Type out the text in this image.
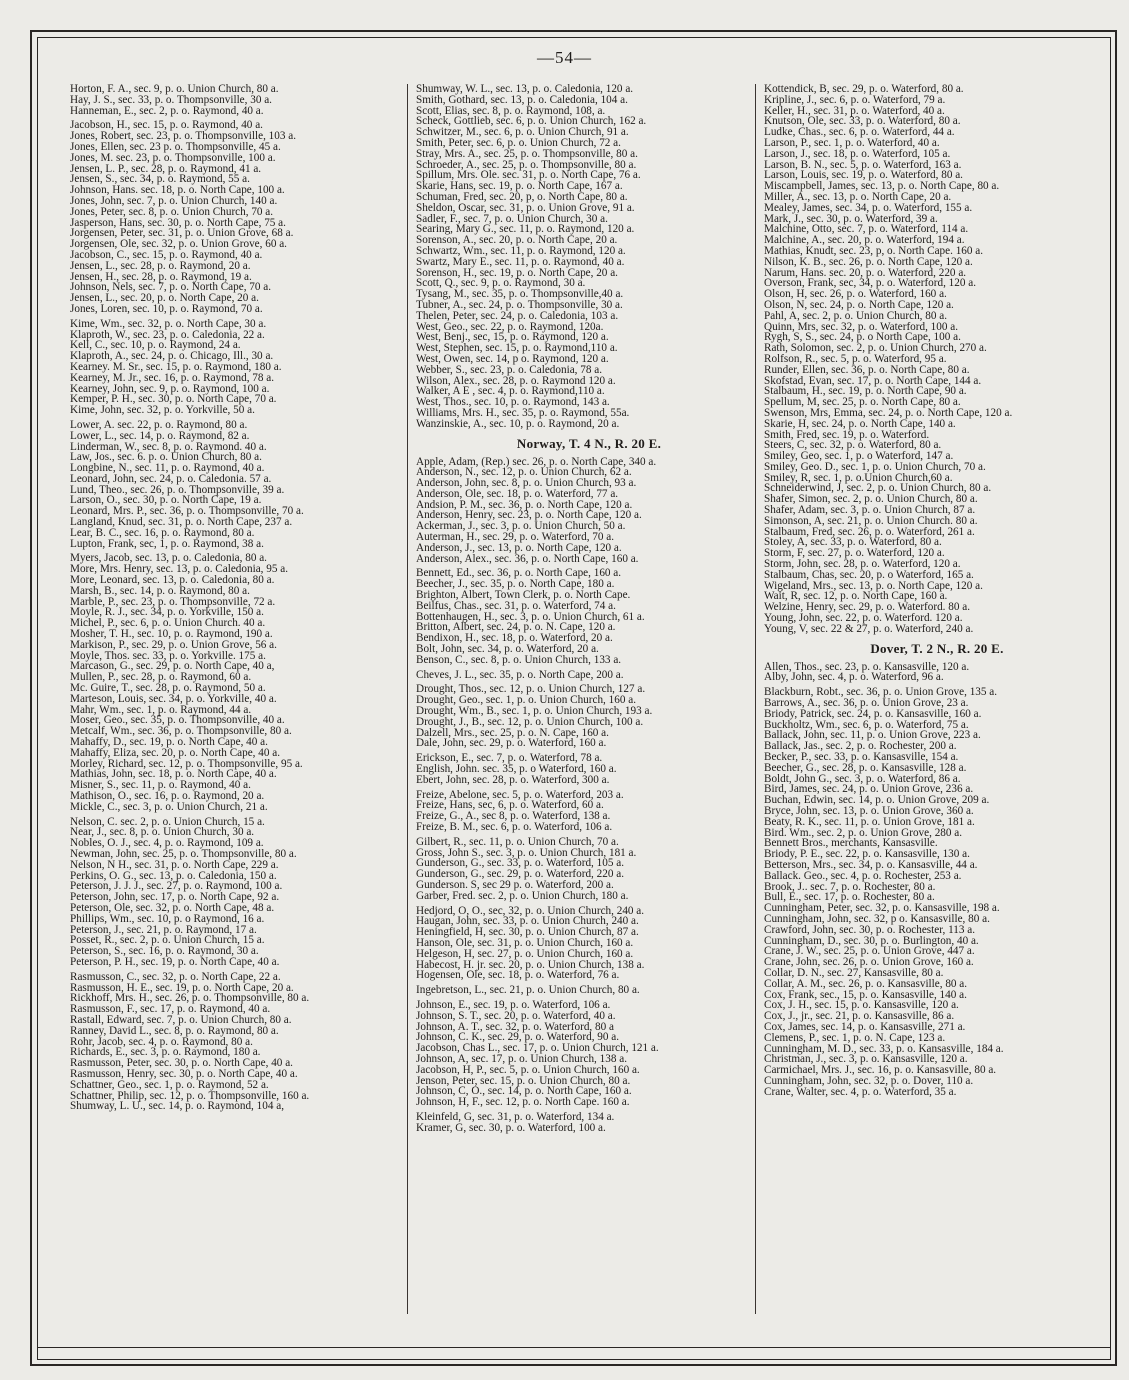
—54—
Horton, F. A., sec. 9, p. o. Union Church, 80 a.
Hay, J. S., sec. 33, p. o. Thompsonville, 30 a.
Hanneman, E., sec. 2, p. o. Raymond, 40 a.
Jacobson, H., sec. 15, p. o. Raymond, 40 a.
Jones, Robert, sec. 23, p. o. Thompsonville, 103 a.
Jones, Ellen, sec. 23 p. o. Thompsonville, 45 a.
Jones, M. sec. 23, p. o. Thompsonville, 100 a.
Jensen, L. P., sec. 28, p. o. Raymond, 41 a.
Jensen, S., sec. 34, p. o. Raymond, 55 a.
Johnson, Hans. sec. 18, p. o. North Cape, 100 a.
Jones, John, sec. 7, p. o. Union Church, 140 a.
Jones, Peter, sec. 8, p. o. Union Church, 70 a.
Jasperson, Hans, sec. 30, p. o. North Cape, 75 a.
Jorgensen, Peter, sec. 31, p. o. Union Grove, 68 a.
Jorgensen, Ole, sec. 32, p. o. Union Grove, 60 a.
Jacobson, C., sec. 15, p. o. Raymond, 40 a.
Jensen, L., sec. 28, p. o. Raymond, 20 a.
Jensen, H., sec. 28, p. o. Raymond, 19 a.
Johnson, Nels, sec. 7, p. o. North Cape, 70 a.
Jensen, L., sec. 20, p. o. North Cape, 20 a.
Jones, Loren, sec. 10, p. o. Raymond, 70 a.
Kime, Wm., sec. 32, p. o. North Cape, 30 a.
Klaproth, W., sec. 23, p. o. Caledonia, 22 a.
Kell, C., sec. 10, p. o. Raymond, 24 a.
Klaproth, A., sec. 24, p. o. Chicago, Ill., 30 a.
Kearney. M. Sr., sec. 15, p. o. Raymond, 180 a.
Kearney, M. Jr., sec. 16, p. o. Raymond, 78 a.
Kearney, John, sec. 9, p. o. Raymond, 100 a.
Kemper, P. H., sec. 30, p. o. North Cape, 70 a.
Kime, John, sec. 32, p. o. Yorkville, 50 a.
Lower, A. sec. 22, p. o. Raymond, 80 a.
Lower, L., sec. 14, p. o. Raymond, 82 a.
Linderman, W., sec. 8, p. o. Raymond. 40 a.
Law, Jos., sec. 6. p. o. Union Church, 80 a.
Longbine, N., sec. 11, p. o. Raymond, 40 a.
Leonard, John, sec. 24, p. o. Caledonia. 57 a.
Lund, Theo., sec. 26, p. o. Thompsonville, 39 a.
Larson, O., sec. 30, p. o. North Cape, 19 a.
Leonard, Mrs. P., sec. 36, p. o. Thompsonville, 70 a.
Langland, Knud, sec. 31, p. o. North Cape, 237 a.
Lear, B. C., sec. 16, p. o. Raymond, 80 a.
Lupton, Frank, sec, 1, p. o. Raymond, 38 a.
Myers, Jacob, sec. 13, p. o. Caledonia, 80 a.
More, Mrs. Henry, sec. 13, p. o. Caledonia, 95 a.
More, Leonard, sec. 13, p. o. Caledonia, 80 a.
Marsh, B., sec. 14, p. o. Raymond, 80 a.
Marble, P., sec. 23, p. o. Thompsonville, 72 a.
Moyle, R. J., sec. 34, p. o. Yorkville, 150 a.
Michel, P., sec. 6, p. o. Union Church. 40 a.
Mosher, T. H., sec. 10, p. o. Raymond, 190 a.
Markison, P., sec. 29, p. o. Union Grove, 56 a.
Moyle, Thos. sec. 33, p. o. Yorkville. 175 a.
Marcason, G., sec. 29, p. o. North Cape, 40 a,
Mullen, P., sec. 28, p. o. Raymond, 60 a.
Mc. Guire, T., sec. 28, p. o. Raymond, 50 a.
Marteson, Louis, sec. 34, p. o. Yorkville, 40 a.
Mahr, Wm., sec. 1, p. o. Raymond, 44 a.
Moser, Geo., sec. 35, p. o. Thompsonville, 40 a.
Metcalf, Wm., sec. 36, p. o. Thompsonville, 80 a.
Mahaffy, D., sec. 19, p. o. North Cape, 40 a.
Mahaffy, Eliza, sec. 20, p. o. North Cape, 40 a.
Morley, Richard, sec. 12, p. o. Thompsonville, 95 a.
Mathias, John, sec. 18, p. o. North Cape, 40 a.
Misner, S., sec. 11, p. o. Raymond, 40 a.
Mathison, O., sec. 16, p. o. Raymond, 20 a.
Mickle, C., sec. 3, p. o. Union Church, 21 a.
Nelson, C. sec. 2, p. o. Union Church, 15 a.
Near, J., sec. 8, p. o. Union Church, 30 a.
Nobles, O. J., sec. 4, p. o. Raymond, 109 a.
Newman, John, sec. 25, p. o. Thompsonville, 80 a.
Nelson, N H., sec. 31, p. o. North Cape, 229 a.
Perkins, O. G., sec. 13, p. o. Caledonia, 150 a.
Peterson, J. J. J., sec. 27, p. o. Raymond, 100 a.
Peterson, John, sec. 17, p. o. North Cape, 92 a.
Peterson, Ole, sec. 32, p. o. North Cape, 48 a.
Phillips, Wm., sec. 10, p. o Raymond, 16 a.
Peterson, J., sec. 21, p. o. Raymond, 17 a.
Posset, R., sec. 2, p. o. Union Church, 15 a.
Peterson, S., sec. 16, p. o. Raymond, 30 a.
Peterson, P. H., sec. 19, p. o. North Cape, 40 a.
Rasmusson, C., sec. 32, p. o. North Cape, 22 a.
Rasmusson, H. E., sec. 19, p. o. North Cape, 20 a.
Rickhoff, Mrs. H., sec. 26, p. o. Thompsonville, 80 a.
Rasmusson, F., sec. 17, p. o. Raymond, 40 a.
Rastall, Edward, sec. 7, p. o. Union Church, 80 a.
Ranney, David L., sec. 8, p. o. Raymond, 80 a.
Rohr, Jacob, sec. 4, p. o. Raymond, 80 a.
Richards, E., sec. 3, p. o. Raymond, 180 a.
Rasmusson, Peter, sec. 30, p. o. North Cape, 40 a.
Rasmusson, Henry, sec. 30, p. o. North Cape, 40 a.
Schattner, Geo., sec. 1, p. o. Raymond, 52 a.
Schattner, Philip, sec. 12, p. o. Thompsonville, 160 a.
Shumway, L. U., sec. 14, p. o. Raymond, 104 a,
Shumway, W. L., sec. 13, p. o. Caledonia, 120 a.
Smith, Gothard, sec. 13, p. o. Caledonia, 104 a.
Scott, Elias, sec. 8, p. o. Raymond, 108, a.
Scheck, Gottlieb, sec. 6, p. o. Union Church, 162 a.
Schwitzer, M., sec. 6, p. o. Union Church, 91 a.
Smith, Peter, sec. 6, p. o. Union Church, 72 a.
Stray, Mrs. A., sec. 25, p. o. Thompsonville, 80 a.
Schroeder, A., sec. 25, p. o. Thompsonville, 80 a.
Spillum, Mrs. Ole. sec. 31, p. o. North Cape, 76 a.
Skarie, Hans, sec. 19, p. o. North Cape, 167 a.
Schuman, Fred, sec. 20, p, o. North Cape, 80 a.
Sheldon, Oscar, sec. 31, p. o. Union Grove, 91 a.
Sadler, F., sec. 7, p. o. Union Church, 30 a.
Searing, Mary G., sec. 11, p. o. Raymond, 120 a.
Sorenson, A., sec. 20, p. o. North Cape, 20 a.
Schwartz, Wm., sec. 11, p. o. Raymond, 120 a.
Swartz, Mary E., sec. 11, p. o. Raymond, 40 a.
Sorenson, H., sec. 19, p. o. North Cape, 20 a.
Scott, Q., sec. 9, p. o. Raymond, 30 a.
Tysang, M., sec. 35, p. o. Thompsonville,40 a.
Tubner, A., sec. 24, p. o. Thompsonville, 30 a.
Thelen, Peter, sec. 24, p. o. Caledonia, 103 a.
West, Geo., sec. 22, p. o. Raymond, 120a.
West, Benj., sec, 15, p. o. Raymond, 120 a.
West, Stephen, sec. 15, p. o. Raymond,110 a.
West, Owen, sec. 14, p o. Raymond, 120 a.
Webber, S., sec. 23, p. o. Caledonia, 78 a.
Wilson, Alex., sec. 28, p. o. Raymond 120 a.
Walker, A E , sec. 4, p. o. Raymond,110 a.
West, Thos., sec. 10, p. o. Raymond, 143 a.
Williams, Mrs. H., sec. 35, p. o. Raymond, 55a.
Wanzinskie, A., sec. 10, p. o. Raymond, 20 a.
Norway, T. 4 N., R. 20 E.
Apple, Adam, (Rep.) sec. 26, p. o. North Cape, 340 a.
Anderson, N., sec. 12, p. o. Union Church, 62 a.
Anderson, John, sec. 8, p. o. Union Church, 93 a.
Anderson, Ole, sec. 18, p. o. Waterford, 77 a.
Andsion, P. M., sec. 36, p. o. North Cape, 120 a.
Anderson, Henry, sec. 23, p. o. North Cape, 120 a.
Ackerman, J., sec. 3, p. o. Union Church, 50 a.
Auterman, H., sec. 29, p. o. Waterford, 70 a.
Anderson, J., sec. 13, p. o. North Cape, 120 a.
Anderson, Alex., sec. 36, p. o. North Cape, 160 a.
Bennett, Ed., sec. 36, p. o. North Cape, 160 a.
Beecher, J., sec. 35, p. o. North Cape, 180 a.
Brighton, Albert, Town Clerk, p. o. North Cape.
Beilfus, Chas., sec. 31, p. o. Waterford, 74 a.
Bottenhaugen, H., sec. 3, p. o. Union Church, 61 a.
Britton, Albert, sec. 24, p. o. N. Cape, 120 a.
Bendixon, H., sec. 18, p. o. Waterford, 20 a.
Bolt, John, sec. 34, p. o. Waterford, 20 a.
Benson, C., sec. 8, p. o. Union Church, 133 a.
Cheves, J. L., sec. 35, p. o. North Cape, 200 a.
Drought, Thos., sec. 12, p. o. Union Church, 127 a.
Drought, Geo., sec. 1, p. o. Union Church, 160 a.
Drought, Wm., B., sec. 1, p. o. Union Church, 193 a.
Drought, J., B., sec. 12, p. o. Union Church, 100 a.
Dalzell, Mrs., sec. 25, p. o. N. Cape, 160 a.
Dale, John, sec. 29, p. o. Waterford, 160 a.
Erickson, E., sec. 7, p. o. Waterford, 78 a.
English, John. sec. 35, p. o Waterford, 160 a.
Ebert, John, sec. 28, p. o. Waterford, 300 a.
Freize, Abelone, sec. 5, p. o. Waterford, 203 a.
Freize, Hans, sec, 6, p. o. Waterford, 60 a.
Freize, G., A., sec 8, p. o. Waterford, 138 a.
Freize, B. M., sec. 6, p. o. Waterford, 106 a.
Gilbert, R., sec. 11, p. o. Union Church, 70 a.
Gross, John S., sec. 3, p. o. Union Church, 181 a.
Gunderson, G., sec. 33, p. o. Waterford, 105 a.
Gunderson, G., sec. 29, p. o. Waterford, 220 a.
Gunderson. S, sec 29 p. o. Waterford, 200 a.
Garber, Fred. sec. 2, p. o. Union Church, 180 a.
Hedjord, O, O., sec, 32, p. o. Union Church, 240 a.
Haugan, John, sec. 33, p. o. Union Church, 240 a.
Heningfield, H, sec. 30, p. o. Union Church, 87 a.
Hanson, Ole, sec. 31, p. o. Union Church, 160 a.
Helgeson, H, sec. 27, p. o. Union Church, 160 a.
Habecost, H. jr. sec. 20, p. o. Union Church, 138 a.
Hogensen, Ole, sec. 18, p. o. Waterford, 76 a.
Ingebretson, L., sec. 21, p. o. Union Church, 80 a.
Johnson, E., sec. 19, p. o. Waterford, 106 a.
Johnson, S. T., sec. 20, p. o. Waterford, 40 a.
Johnson, A. T., sec. 32, p. o. Waterford, 80 a
Johnson, C. K., sec. 29, p. o. Waterford, 90 a.
Jacobson, Chas L., sec. 17, p. o. Union Church, 121 a.
Johnson, A, sec. 17, p. o. Union Church, 138 a.
Jacobson, H, P., sec. 5, p. o. Union Church, 160 a.
Jenson, Peter, sec. 15, p. o. Union Church, 80 a.
Johnson, C, O., sec. 14, p. o. North Cape, 160 a.
Johnson, H, F., sec. 12, p. o. North Cape. 160 a.
Kleinfeld, G, sec. 31, p. o. Waterford, 134 a.
Kramer, G, sec. 30, p. o. Waterford, 100 a.
Kottendick, B, sec. 29, p. o. Waterford, 80 a.
Kripline, J., sec. 6, p. o. Waterford, 79 a.
Keller, H., sec. 31, p. o. Waterford, 40 a.
Knutson, Ole, sec. 33, p. o. Waterford, 80 a.
Ludke, Chas., sec. 6, p. o. Waterford, 44 a.
Larson, P., sec. 1, p. o. Waterford, 40 a.
Larson, J., sec. 18, p. o. Waterford, 105 a.
Larson, B. N., sec. 5, p. o. Waterford, 163 a.
Larson, Louis, sec. 19, p. o. Waterford, 80 a.
Miscampbell, James, sec. 13, p. o. North Cape, 80 a.
Miller, A., sec. 13, p. o. North Cape, 20 a.
Mealey, James, sec. 34, p. o. Waterford, 155 a.
Mark, J., sec. 30, p. o. Waterford, 39 a.
Malchine, Otto, sec. 7, p. o. Waterford, 114 a.
Malchine, A., sec. 20, p. o. Waterford, 194 a.
Mathias, Knudt, sec. 23, p, o. North Cape. 160 a.
Nilson, K. B., sec. 26, p. o. North Cape, 120 a.
Narum, Hans. sec. 20, p. o. Waterford, 220 a.
Overson, Frank, sec, 34, p. o. Waterford, 120 a.
Olson, H, sec. 26, p. o. Waterford, 160 a.
Olson, N, sec. 24, p. o. North Cape, 120 a.
Pahl, A, sec. 2, p. o. Union Church, 80 a.
Quinn, Mrs, sec. 32, p. o. Waterford, 100 a.
Rygh, S, S., sec. 24, p. o North Cape, 100 a.
Rath, Solomon, sec. 2, p. o. Union Church, 270 a.
Rolfson, R., sec. 5, p. o. Waterford, 95 a.
Runder, Ellen, sec. 36, p. o. North Cape, 80 a.
Skofstad, Evan, sec. 17, p. o. North Cape, 144 a.
Stalbaum, H., sec. 19, p. o. North Cape, 90 a.
Spellum, M, sec. 25, p. o. North Cape, 80 a.
Swenson, Mrs, Emma, sec. 24, p. o. North Cape, 120 a.
Skarie, H, sec. 24, p. o. North Cape, 140 a.
Smith, Fred, sec. 19, p. o. Waterford.
Steers, C, sec. 32, p. o. Waterford, 80 a.
Smiley, Geo, sec. 1, p. o Waterford, 147 a.
Smiley, Geo. D., sec. 1, p. o. Union Church, 70 a.
Smiley, R, sec. 1, p. o.Union Church,60 a.
Schneiderwind, J, sec. 2, p. o. Union Church, 80 a.
Shafer, Simon, sec. 2, p. o. Union Church, 80 a.
Shafer, Adam, sec. 3, p. o. Union Church, 87 a.
Simonson, A, sec. 21, p. o. Union Church. 80 a.
Stalbaum, Fred, sec. 26, p. o. Waterford, 261 a.
Stoley, A, sec. 33, p. o. Waterford, 80 a.
Storm, F, sec. 27, p. o. Waterford, 120 a.
Storm, John, sec. 28, p. o. Waterford, 120 a.
Stalbaum, Chas, sec. 20, p. o Waterford, 165 a.
Wigeland, Mrs., sec. 13, p. o. North Cape, 120 a.
Wait, R, sec. 12, p. o. North Cape, 160 a.
Welzine, Henry, sec. 29, p. o. Waterford. 80 a.
Young, John, sec. 22, p. o. Waterford. 120 a.
Young, V, sec. 22 & 27, p. o. Waterford, 240 a.
Dover, T. 2 N., R. 20 E.
Allen, Thos., sec. 23, p. o. Kansasville, 120 a.
Alby, John, sec. 4, p. o. Waterford, 96 a.
Blackburn, Robt., sec. 36, p. o. Union Grove, 135 a.
Barrows, A., sec. 36, p. o. Union Grove, 23 a.
Briody, Patrick, sec. 24, p. o. Kansasville, 160 a.
Buckholtz, Wm., sec. 6, p. o. Waterford, 75 a.
Ballack, John, sec. 11, p. o. Union Grove, 223 a.
Ballack, Jas., sec. 2, p. o. Rochester, 200 a.
Becker, P., sec. 33, p. o. Kansasville, 154 a.
Beecher, G., sec. 28, p. o. Kansasville, 128 a.
Boldt, John G., sec. 3, p. o. Waterford, 86 a.
Bird, James, sec. 24, p. o. Union Grove, 236 a.
Buchan, Edwin, sec. 14, p. o. Union Grove, 209 a.
Bryce, John, sec. 13, p. o. Union Grove, 360 a.
Beaty, R. K., sec. 11, p. o. Union Grove, 181 a.
Bird. Wm., sec. 2, p. o. Union Grove, 280 a.
Bennett Bros., merchants, Kansasville.
Briody, P. E., sec. 22, p. o. Kansasville, 130 a.
Betterson, Mrs., sec. 34, p. o. Kansasville, 44 a.
Ballack. Geo., sec. 4, p. o. Rochester, 253 a.
Brook, J.. sec. 7, p. o. Rochester, 80 a.
Bull, E., sec. 17, p. o. Rochester, 80 a.
Cunningham, Peter, sec. 32, p. o. Kansasville, 198 a.
Cunningham, John, sec. 32, p o. Kansasville, 80 a.
Crawford, John, sec. 30, p. o. Rochester, 113 a.
Cunningham, D., sec. 30, p. o. Burlington, 40 a.
Crane, J. W., sec. 25, p. o. Union Grove, 447 a.
Crane, John, sec. 26, p. o. Union Grove, 160 a.
Collar, D. N., sec. 27, Kansasville, 80 a.
Collar, A. M., sec. 26, p. o. Kansasville, 80 a.
Cox, Frank, sec., 15, p. o. Kansasville, 140 a.
Cox, J. H., sec. 15, p. o. Kansasville, 120 a.
Cox, J., jr., sec. 21, p. o. Kansasville, 86 a.
Cox, James, sec. 14, p. o. Kansasville, 271 a.
Clemens, P., sec. 1, p. o. N. Cape, 123 a.
Cunningham, M. D., sec. 33, p. o. Kansasville, 184 a.
Christman, J., sec. 3, p. o. Kansasville, 120 a.
Carmichael, Mrs. J., sec. 16, p. o. Kansasville, 80 a.
Cunningham, John, sec. 32, p. o. Dover, 110 a.
Crane, Walter, sec. 4, p. o. Waterford, 35 a.
